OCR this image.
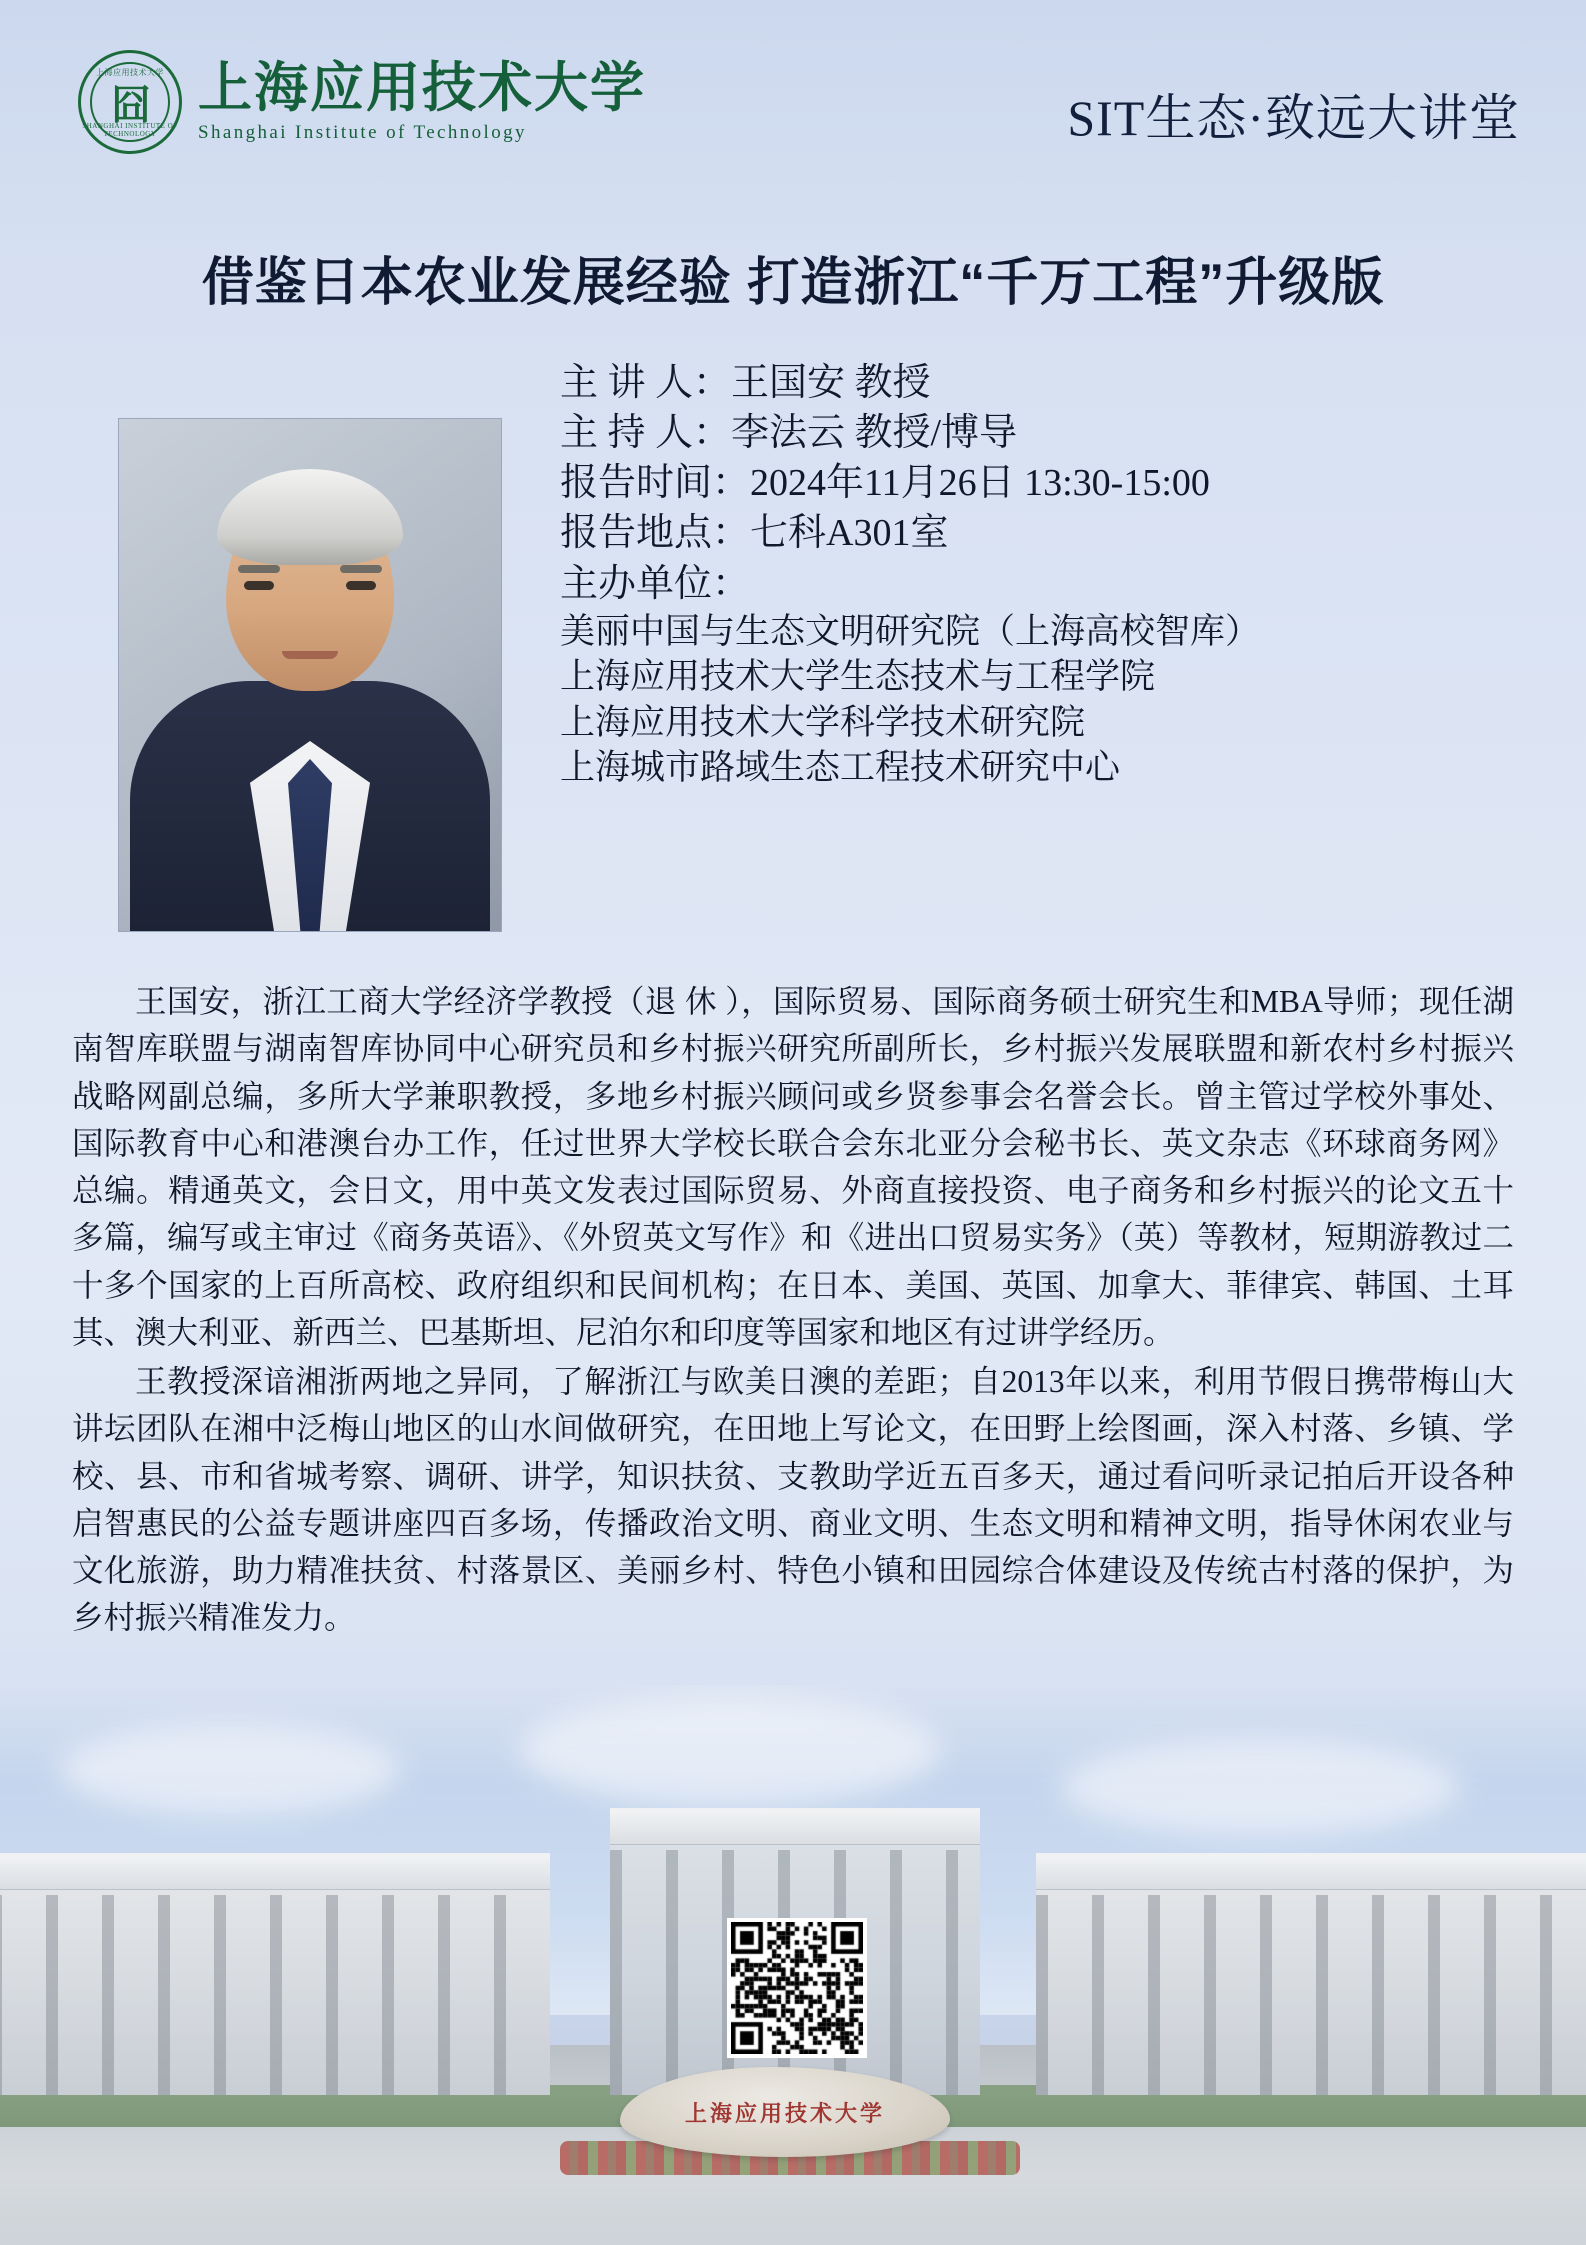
上海应用技术大学
上海应用技术大学
囧
SHANGHAI INSTITUTE OF TECHNOLOGY
上海应用技术大学
Shanghai Institute of Technology	SIT生态·致远大讲堂
借鉴日本农业发展经验 打造浙江“千万工程”升级版
主 讲 人：王国安 教授
主 持 人：李法云 教授/博导
报告时间：2024年11月26日 13:30-15:00
报告地点：七科A301室
主办单位：
美丽中国与生态文明研究院（上海高校智库）
上海应用技术大学生态技术与工程学院
上海应用技术大学科学技术研究院
上海城市路域生态工程技术研究中心

王国安，浙江工商大学经济学教授（退 休 ），国际贸易、国际商务硕士研究生和MBA导师；现任湖南智库联盟与湖南智库协同中心研究员和乡村振兴研究所副所长，乡村振兴发展联盟和新农村乡村振兴战略网副总编，多所大学兼职教授，多地乡村振兴顾问或乡贤参事会名誉会长。曾主管过学校外事处、国际教育中心和港澳台办工作，任过世界大学校长联合会东北亚分会秘书长、英文杂志《环球商务网》总编。精通英文，会日文，用中英文发表过国际贸易、外商直接投资、电子商务和乡村振兴的论文五十多篇，编写或主审过《商务英语》、《外贸英文写作》和《进出口贸易实务》（英）等教材，短期游教过二十多个国家的上百所高校、政府组织和民间机构；在日本、美国、英国、加拿大、菲律宾、韩国、土耳其、澳大利亚、新西兰、巴基斯坦、尼泊尔和印度等国家和地区有过讲学经历。

王教授深谙湘浙两地之异同，了解浙江与欧美日澳的差距；自2013年以来，利用节假日携带梅山大讲坛团队在湘中泛梅山地区的山水间做研究，在田地上写论文，在田野上绘图画，深入村落、乡镇、学校、县、市和省城考察、调研、讲学，知识扶贫、支教助学近五百多天，通过看问听录记拍后开设各种启智惠民的公益专题讲座四百多场，传播政治文明、商业文明、生态文明和精神文明，指导休闲农业与文化旅游，助力精准扶贫、村落景区、美丽乡村、特色小镇和田园综合体建设及传统古村落的保护，为乡村振兴精准发力。
